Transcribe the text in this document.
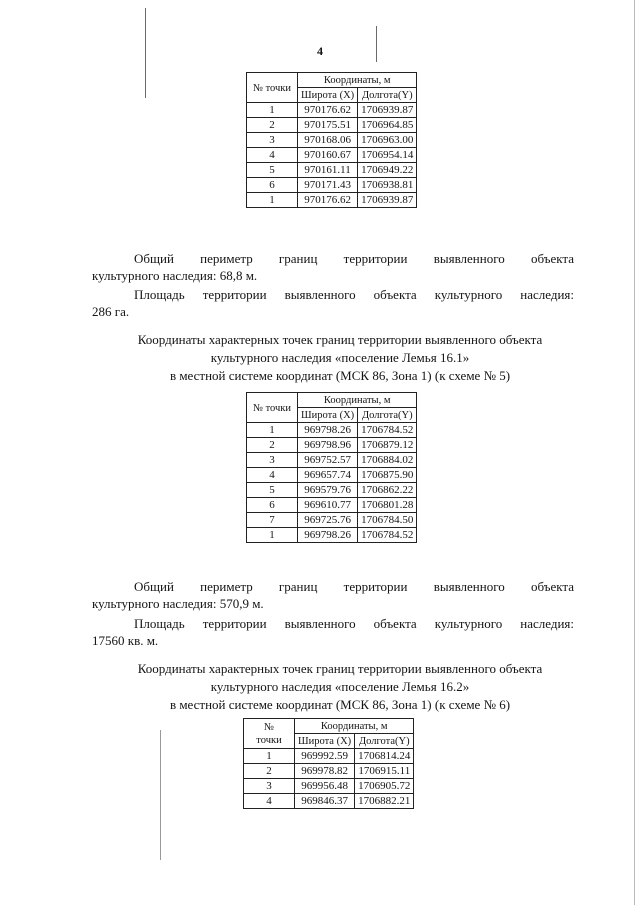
4
№ точки	Координаты, м	
	Широта (X)	Долгота(Y)
1	970176.62	1706939.87
2	970175.51	1706964.85
3	970168.06	1706963.00
4	970160.67	1706954.14
5	970161.11	1706949.22
6	970171.43	1706938.81
1	970176.62	1706939.87

Общий периметр границ территории выявленного объекта

культурного наследия: 68,8 м.

Площадь территории выявленного объекта культурного наследия:

286 га.

Координаты характерных точек границ территории выявленного объекта

культурного наследия «поселение Лемья 16.1»

в местной системе координат (МСК 86, Зона 1) (к схеме № 5)

№ точки	Координаты, м	
	Широта (X)	Долгота(Y)
1	969798.26	1706784.52
2	969798.96	1706879.12
3	969752.57	1706884.02
4	969657.74	1706875.90
5	969579.76	1706862.22
6	969610.77	1706801.28
7	969725.76	1706784.50
1	969798.26	1706784.52

Общий периметр границ территории выявленного объекта

культурного наследия: 570,9 м.

Площадь территории выявленного объекта культурного наследия:

17560 кв. м.

Координаты характерных точек границ территории выявленного объекта

культурного наследия «поселение Лемья 16.2»

в местной системе координат (МСК 86, Зона 1) (к схеме № 6)

№
точки	Координаты, м	
	Широта (X)	Долгота(Y)
1	969992.59	1706814.24
2	969978.82	1706915.11
3	969956.48	1706905.72
4	969846.37	1706882.21
